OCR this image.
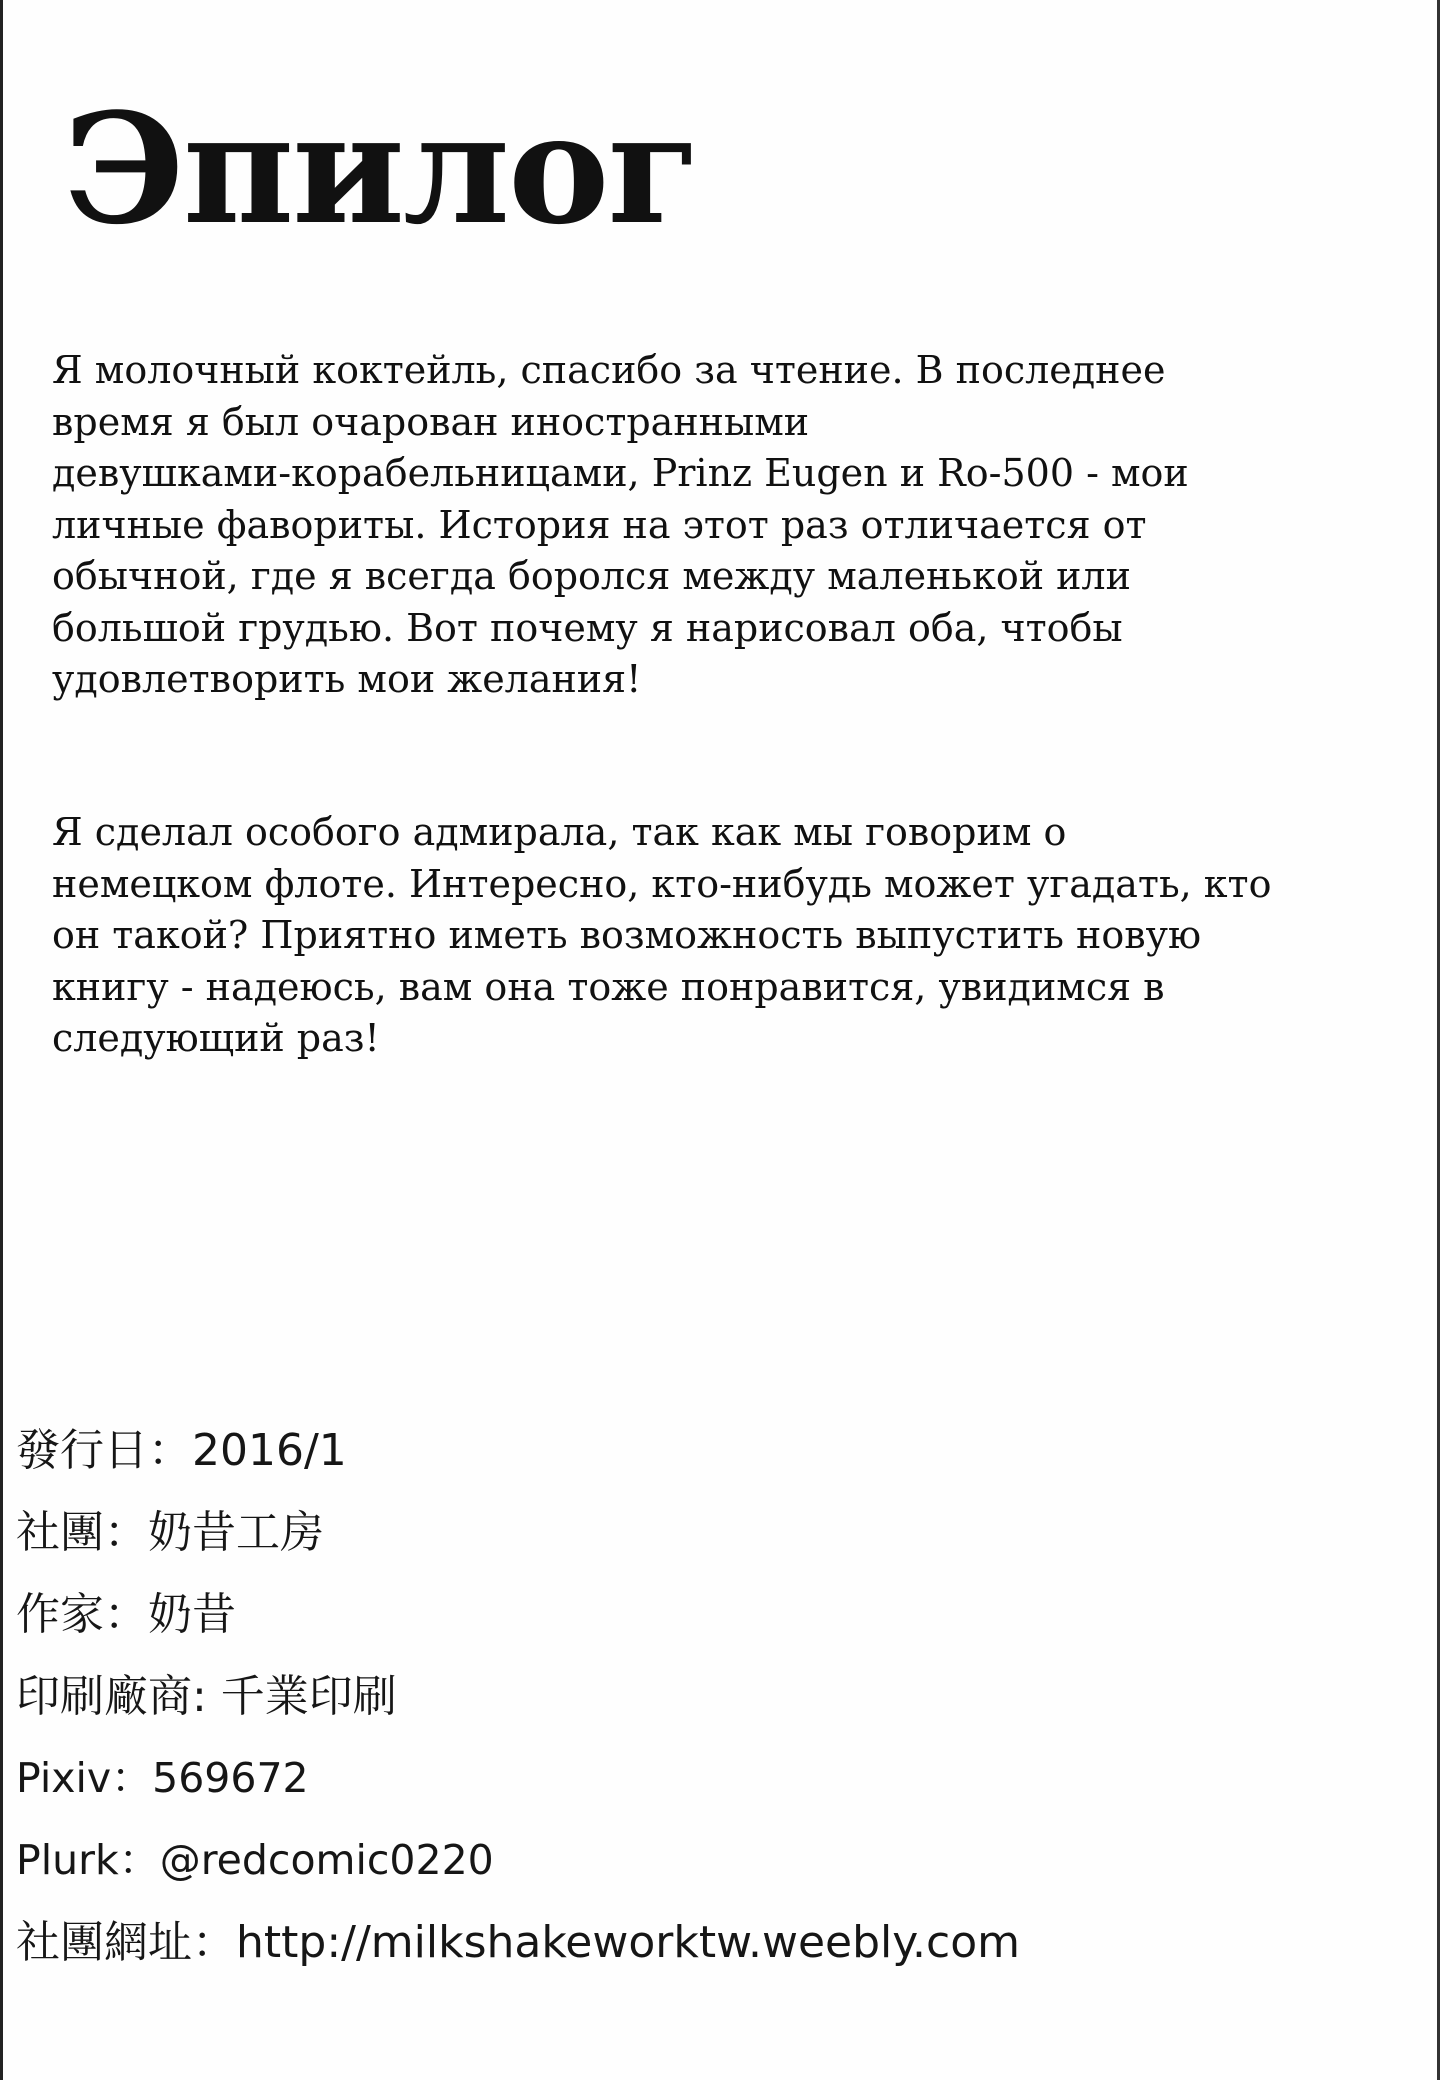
Эпилог

Я молочный коктейль, спасибо за чтение. В последнее
время я был очарован иностранными
девушками-корабельницами, Prinz Eugen и Ro-500 - мои
личные фавориты. История на этот раз отличается от
обычной, где я всегда боролся между маленькой или
большой грудью. Вот почему я нарисовал оба, чтобы
удовлетворить мои желания!

Я сделал особого адмирала, так как мы говорим о
немецком флоте. Интересно, кто-нибудь может угадать, кто
он такой? Приятно иметь возможность выпустить новую
книгу - надеюсь, вам она тоже понравится, увидимся в
следующий раз!

發行日：2016/1
社團：奶昔工房
作家：奶昔
印刷廠商: 千業印刷
Pixiv：569672
Plurk：@redcomic0220
社團網址：http://milkshakeworktw.weebly.com
